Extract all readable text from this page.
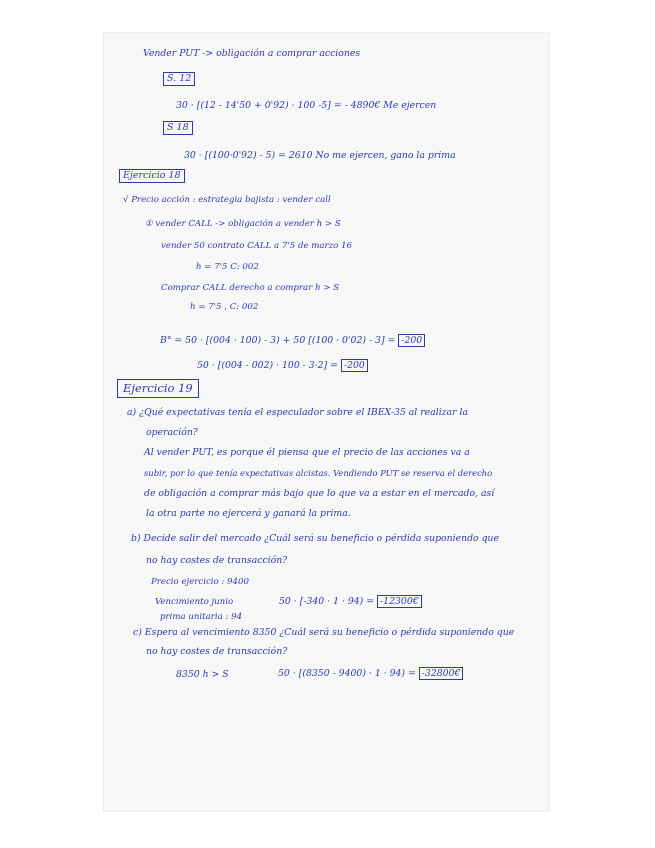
Vender PUT -> obligación a comprar acciones
S. 12
30 · [(12 - 14'50 + 0'92) · 100 -5] = - 4890€ Me ejercen
S 18
30 · [(100·0'92) - 5) = 2610 No me ejercen, gano la prima
Ejercicio 18
√ Precio acción : estrategia bajista : vender call
① vender CALL -> obligación a vender h > S
vender 50 contrato CALL a 7'5 de marzo 16
h = 7'5 C: 002
Comprar CALL derecho a comprar h > S
h = 7'5 , C: 002
B° = 50 · [(004 · 100) - 3) + 50 [(100 · 0'02) - 3] = -200
50 · [(004 - 002) · 100 - 3·2] = -200
Ejercicio 19
a) ¿Qué expectativas tenía el especulador sobre el IBEX-35 al realizar la
operación?
Al vender PUT, es porque él piensa que el precio de las acciones va a
subir, por lo que tenía expectativas alcistas. Vendiendo PUT se reserva el derecho
de obligación a comprar más bajo que lo que va a estar en el mercado, así
la otra parte no ejercerá y ganará la prima.
b) Decide salir del mercado ¿Cuál será su beneficio o pérdida suponiendo que
no hay costes de transacción?
Precio ejercicio : 9400
Vencimiento junio
prima unitaria : 94
50 · [-340 · 1 · 94) = -12300€
c) Espera al vencimiento 8350 ¿Cuál será su beneficio o pérdida suponiendo que
no hay costes de transacción?
8350 h > S	50 · [(8350 - 9400) · 1 · 94) = -32800€
